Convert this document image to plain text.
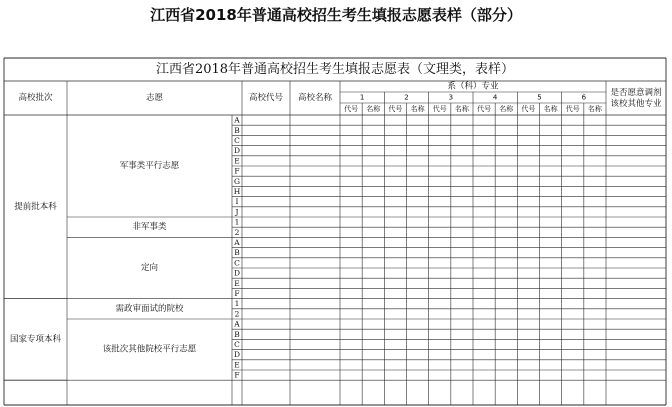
江西省2018年普通高校招生考生填报志愿表样（部分）
江西省2018年普通高校招生考生填报志愿表（文理类，表样）
高校批次	志愿	高校代号 高校名称
系（科）专业
是否愿意调剂
该校其他专业
1
代号 名称
2
代号 名称
3
代号 名称
4
代号 名称
5
代号 名称
6
代号 名称
A
B
C
D
E
F
G
H
I
J
军事类平行志愿
1
2
非军事类
A
B
C
D
E
F
定向
提前批本科
1
2
需政审面试的院校
A
B
C
D
E
F
该批次其他院校平行志愿
国家专项本科
